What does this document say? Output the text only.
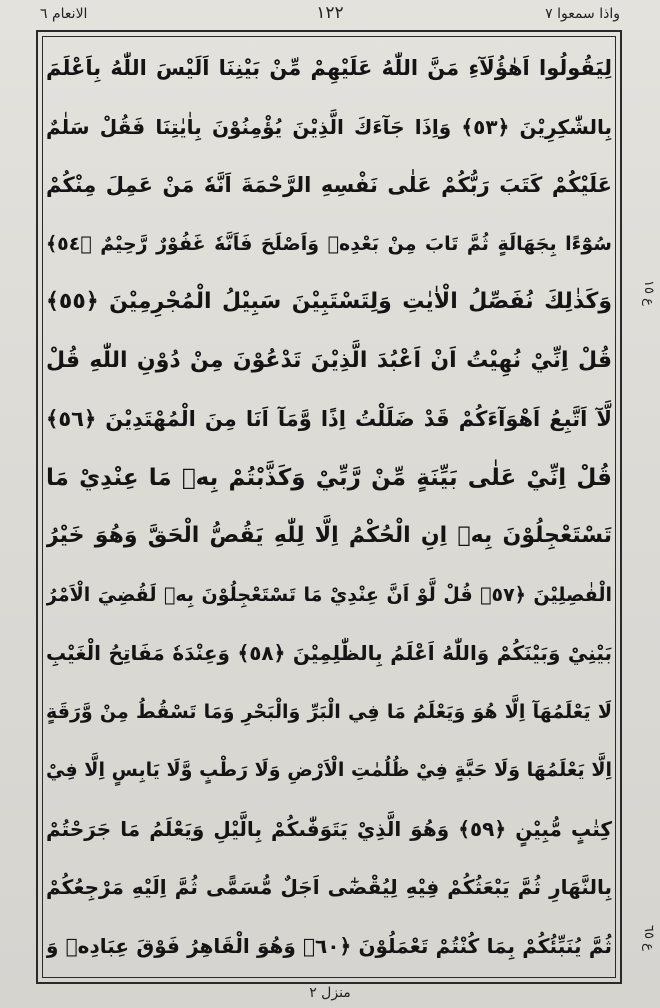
واذا سمعوا ٧
١٢٢
الانعام ٦
لِيَقُولُوا اَهٰؤُلَآءِ مَنَّ اللّٰهُ عَلَيْهِمْ مِّنْ بَيْنِنَا اَلَيْسَ اللّٰهُ بِاَعْلَمَ
بِالشّٰكِرِيْنَ ﴿٥٣﴾ وَاِذَا جَآءَكَ الَّذِيْنَ يُؤْمِنُوْنَ بِاٰيٰتِنَا فَقُلْ سَلٰمٌ
عَلَيْكُمْ كَتَبَ رَبُّكُمْ عَلٰى نَفْسِهِ الرَّحْمَةَ اَنَّهٗ مَنْ عَمِلَ مِنْكُمْ
سُوْٓءًا بِجَهَالَةٍ ثُمَّ تَابَ مِنْ بَعْدِهٖ وَاَصْلَحَ فَاَنَّهٗ غَفُوْرٌ رَّحِيْمٌ ﴿٥٤﴾
وَكَذٰلِكَ نُفَصِّلُ الْاٰيٰتِ وَلِتَسْتَبِيْنَ سَبِيْلُ الْمُجْرِمِيْنَ ﴿٥٥﴾
قُلْ اِنِّيْ نُهِيْتُ اَنْ اَعْبُدَ الَّذِيْنَ تَدْعُوْنَ مِنْ دُوْنِ اللّٰهِ قُلْ
لَّآ اَتَّبِعُ اَهْوَآءَكُمْ قَدْ ضَلَلْتُ اِذًا وَّمَآ اَنَا مِنَ الْمُهْتَدِيْنَ ﴿٥٦﴾
قُلْ اِنِّيْ عَلٰى بَيِّنَةٍ مِّنْ رَّبِّيْ وَكَذَّبْتُمْ بِهٖ مَا عِنْدِيْ مَا
تَسْتَعْجِلُوْنَ بِهٖ اِنِ الْحُكْمُ اِلَّا لِلّٰهِ يَقُصُّ الْحَقَّ وَهُوَ خَيْرُ
الْفٰصِلِيْنَ ﴿٥٧﴾ قُلْ لَّوْ اَنَّ عِنْدِيْ مَا تَسْتَعْجِلُوْنَ بِهٖ لَقُضِيَ الْاَمْرُ
بَيْنِيْ وَبَيْنَكُمْ وَاللّٰهُ اَعْلَمُ بِالظّٰلِمِيْنَ ﴿٥٨﴾ وَعِنْدَهٗ مَفَاتِحُ الْغَيْبِ
لَا يَعْلَمُهَآ اِلَّا هُوَ وَيَعْلَمُ مَا فِي الْبَرِّ وَالْبَحْرِ وَمَا تَسْقُطُ مِنْ وَّرَقَةٍ
اِلَّا يَعْلَمُهَا وَلَا حَبَّةٍ فِيْ ظُلُمٰتِ الْاَرْضِ وَلَا رَطْبٍ وَّلَا يَابِسٍ اِلَّا فِيْ
كِتٰبٍ مُّبِيْنٍ ﴿٥٩﴾ وَهُوَ الَّذِيْ يَتَوَفّٰىكُمْ بِالَّيْلِ وَيَعْلَمُ مَا جَرَحْتُمْ
بِالنَّهَارِ ثُمَّ يَبْعَثُكُمْ فِيْهِ لِيُقْضٰٓى اَجَلٌ مُّسَمًّى ثُمَّ اِلَيْهِ مَرْجِعُكُمْ
ثُمَّ يُنَبِّئُكُمْ بِمَا كُنْتُمْ تَعْمَلُوْنَ ﴿٦٠﴾ وَهُوَ الْقَاهِرُ فَوْقَ عِبَادِهٖ وَ
ع ١٥
ع ٦٥
منزل ٢
